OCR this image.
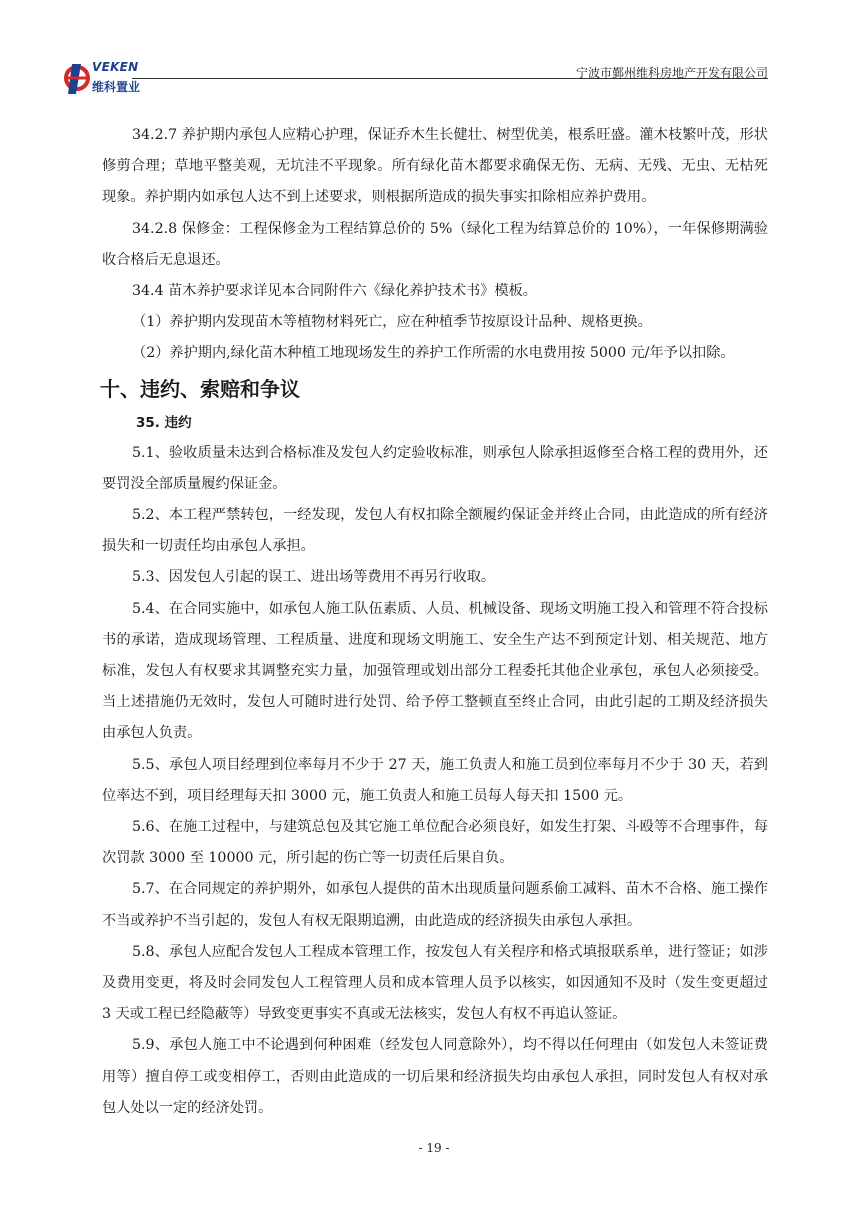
VEKEN
维科置业
宁波市鄞州维科房地产开发有限公司

34.2.7 养护期内承包人应精心护理，保证乔木生长健壮、树型优美，根系旺盛。灌木枝繁叶茂，形状修剪合理；草地平整美观，无坑洼不平现象。所有绿化苗木都要求确保无伤、无病、无残、无虫、无枯死现象。养护期内如承包人达不到上述要求，则根据所造成的损失事实扣除相应养护费用。

34.2.8 保修金：工程保修金为工程结算总价的 5%（绿化工程为结算总价的 10%），一年保修期满验收合格后无息退还。

34.4 苗木养护要求详见本合同附件六《绿化养护技术书》模板。

（1）养护期内发现苗木等植物材料死亡，应在种植季节按原设计品种、规格更换。

（2）养护期内,绿化苗木种植工地现场发生的养护工作所需的水电费用按 5000 元/年予以扣除。

十、违约、索赔和争议
35. 违约

5.1、验收质量未达到合格标准及发包人约定验收标准，则承包人除承担返修至合格工程的费用外，还要罚没全部质量履约保证金。

5.2、本工程严禁转包，一经发现，发包人有权扣除全额履约保证金并终止合同，由此造成的所有经济损失和一切责任均由承包人承担。

5.3、因发包人引起的误工、进出场等费用不再另行收取。

5.4、在合同实施中，如承包人施工队伍素质、人员、机械设备、现场文明施工投入和管理不符合投标书的承诺，造成现场管理、工程质量、进度和现场文明施工、安全生产达不到预定计划、相关规范、地方标准，发包人有权要求其调整充实力量，加强管理或划出部分工程委托其他企业承包，承包人必须接受。当上述措施仍无效时，发包人可随时进行处罚、给予停工整顿直至终止合同，由此引起的工期及经济损失由承包人负责。

5.5、承包人项目经理到位率每月不少于 27 天，施工负责人和施工员到位率每月不少于 30 天，若到位率达不到，项目经理每天扣 3000 元，施工负责人和施工员每人每天扣 1500 元。

5.6、在施工过程中，与建筑总包及其它施工单位配合必须良好，如发生打架、斗殴等不合理事件，每次罚款 3000 至 10000 元，所引起的伤亡等一切责任后果自负。

5.7、在合同规定的养护期外，如承包人提供的苗木出现质量问题系偷工减料、苗木不合格、施工操作不当或养护不当引起的，发包人有权无限期追溯，由此造成的经济损失由承包人承担。

5.8、承包人应配合发包人工程成本管理工作，按发包人有关程序和格式填报联系单，进行签证；如涉及费用变更，将及时会同发包人工程管理人员和成本管理人员予以核实，如因通知不及时（发生变更超过 3 天或工程已经隐蔽等）导致变更事实不真或无法核实，发包人有权不再追认签证。

5.9、承包人施工中不论遇到何种困难（经发包人同意除外），均不得以任何理由（如发包人未签证费用等）擅自停工或变相停工，否则由此造成的一切后果和经济损失均由承包人承担，同时发包人有权对承包人处以一定的经济处罚。

- 19 -
